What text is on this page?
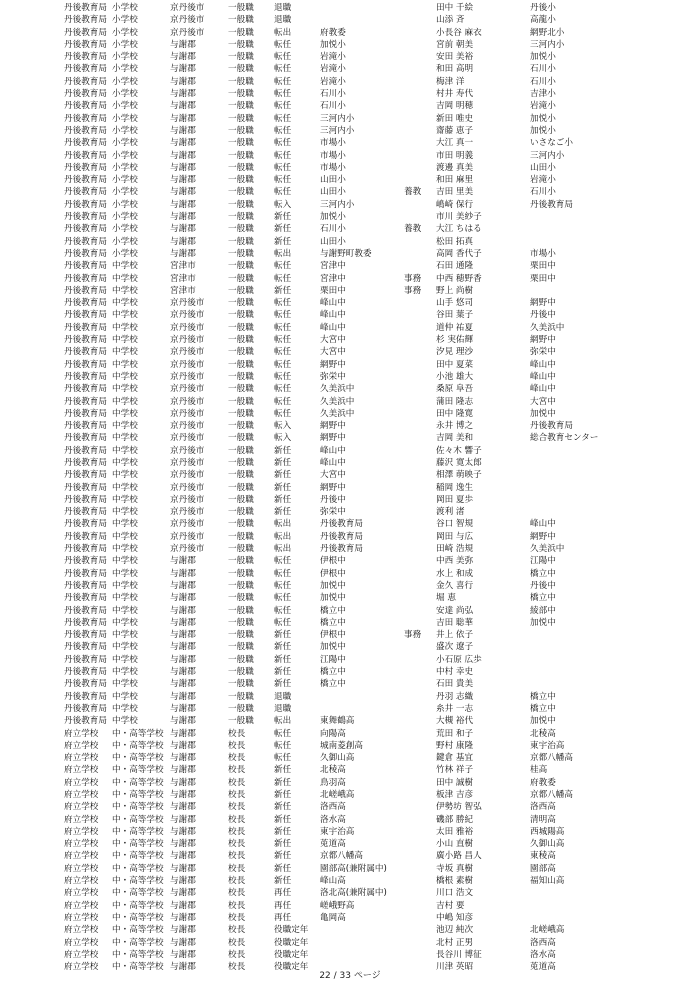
丹後教育局 小学校	京丹後市	一般職	退職	田中 千絵	丹後小
丹後教育局 小学校	京丹後市	一般職	退職	山添 斉	高龍小
丹後教育局 小学校	京丹後市	一般職	転出	府教委	小長谷 麻衣	網野北小
丹後教育局 小学校	与謝郡	一般職	転任	加悦小	宮前 朝美	三河内小
丹後教育局 小学校	与謝郡	一般職	転任	岩滝小	安田 美裕	加悦小
丹後教育局 小学校	与謝郡	一般職	転任	岩滝小	和田 高明	石川小
丹後教育局 小学校	与謝郡	一般職	転任	岩滝小	梅津 洋	石川小
丹後教育局 小学校	与謝郡	一般職	転任	石川小	村井 寿代	吉津小
丹後教育局 小学校	与謝郡	一般職	転任	石川小	吉岡 明穂	岩滝小
丹後教育局 小学校	与謝郡	一般職	転任	三河内小	新田 唯史	加悦小
丹後教育局 小学校	与謝郡	一般職	転任	三河内小	齋藤 恵子	加悦小
丹後教育局 小学校	与謝郡	一般職	転任	市場小	大江 真一	いさなご小
丹後教育局 小学校	与謝郡	一般職	転任	市場小	市田 明義	三河内小
丹後教育局 小学校	与謝郡	一般職	転任	市場小	渡邊 真美	山田小
丹後教育局 小学校	与謝郡	一般職	転任	山田小	和田 麻里	岩滝小
丹後教育局 小学校	与謝郡	一般職	転任	山田小	養教	吉田 里美	石川小
丹後教育局 小学校	与謝郡	一般職	転入	三河内小	嶋崎 保行	丹後教育局
丹後教育局 小学校	与謝郡	一般職	新任	加悦小	市川 美紗子
丹後教育局 小学校	与謝郡	一般職	新任	石川小	養教	大江 ちはる
丹後教育局 小学校	与謝郡	一般職	新任	山田小	松田 拓真
丹後教育局 小学校	与謝郡	一般職	転出	与謝野町教委	高岡 香代子	市場小
丹後教育局 中学校	宮津市	一般職	転任	宮津中	石田 通隆	栗田中
丹後教育局 中学校	宮津市	一般職	転任	宮津中	事務	中西 穂野香	栗田中
丹後教育局 中学校	宮津市	一般職	新任	栗田中	事務	野上 尚樹
丹後教育局 中学校	京丹後市	一般職	転任	峰山中	山手 悠司	網野中
丹後教育局 中学校	京丹後市	一般職	転任	峰山中	谷田 葉子	丹後中
丹後教育局 中学校	京丹後市	一般職	転任	峰山中	道仲 祐夏	久美浜中
丹後教育局 中学校	京丹後市	一般職	転任	大宮中	杉 実佑輝	網野中
丹後教育局 中学校	京丹後市	一般職	転任	大宮中	汐見 理沙	弥栄中
丹後教育局 中学校	京丹後市	一般職	転任	網野中	田中 夏菜	峰山中
丹後教育局 中学校	京丹後市	一般職	転任	弥栄中	小池 雄大	峰山中
丹後教育局 中学校	京丹後市	一般職	転任	久美浜中	桑原 阜吾	峰山中
丹後教育局 中学校	京丹後市	一般職	転任	久美浜中	蒲田 隆志	大宮中
丹後教育局 中学校	京丹後市	一般職	転任	久美浜中	田中 隆寛	加悦中
丹後教育局 中学校	京丹後市	一般職	転入	網野中	永井 博之	丹後教育局
丹後教育局 中学校	京丹後市	一般職	転入	網野中	吉岡 美和	総合教育センター
丹後教育局 中学校	京丹後市	一般職	新任	峰山中	佐々木 響子
丹後教育局 中学校	京丹後市	一般職	新任	峰山中	藤沢 寛太郎
丹後教育局 中学校	京丹後市	一般職	新任	大宮中	相澤 萌映子
丹後教育局 中学校	京丹後市	一般職	新任	網野中	稲岡 逸生
丹後教育局 中学校	京丹後市	一般職	新任	丹後中	岡田 夏歩
丹後教育局 中学校	京丹後市	一般職	新任	弥栄中	渡利 渚
丹後教育局 中学校	京丹後市	一般職	転出	丹後教育局	谷口 智規	峰山中
丹後教育局 中学校	京丹後市	一般職	転出	丹後教育局	岡田 与広	網野中
丹後教育局 中学校	京丹後市	一般職	転出	丹後教育局	田崎 浩規	久美浜中
丹後教育局 中学校	与謝郡	一般職	転任	伊根中	中西 美弥	江陽中
丹後教育局 中学校	与謝郡	一般職	転任	伊根中	水上 和成	橋立中
丹後教育局 中学校	与謝郡	一般職	転任	加悦中	金久 喜行	丹後中
丹後教育局 中学校	与謝郡	一般職	転任	加悦中	堀 恵	橋立中
丹後教育局 中学校	与謝郡	一般職	転任	橋立中	安達 尚弘	綾部中
丹後教育局 中学校	与謝郡	一般職	転任	橋立中	吉田 聡華	加悦中
丹後教育局 中学校	与謝郡	一般職	新任	伊根中	事務	井上 依子
丹後教育局 中学校	与謝郡	一般職	新任	加悦中	盛次 遼子
丹後教育局 中学校	与謝郡	一般職	新任	江陽中	小石原 広歩
丹後教育局 中学校	与謝郡	一般職	新任	橋立中	中村 幸史
丹後教育局 中学校	与謝郡	一般職	新任	橋立中	石田 貴美
丹後教育局 中学校	与謝郡	一般職	退職	丹羽 志織	橋立中
丹後教育局 中学校	与謝郡	一般職	退職	糸井 一志	橋立中
丹後教育局 中学校	与謝郡	一般職	転出	東舞鶴高	大槻 裕代	加悦中
府立学校	中・高等学校 与謝郡	校長	転任	向陽高	荒田 和子	北稜高
府立学校	中・高等学校 与謝郡	校長	転任	城南菱創高	野村 康隆	東宇治高
府立学校	中・高等学校 与謝郡	校長	転任	久御山高	鍵倉 基宜	京都八幡高
府立学校	中・高等学校 与謝郡	校長	新任	北稜高	竹林 祥子	桂高
府立学校	中・高等学校 与謝郡	校長	新任	鳥羽高	田中 誠樹	府教委
府立学校	中・高等学校 与謝郡	校長	新任	北嵯峨高	板津 吉彦	京都八幡高
府立学校	中・高等学校 与謝郡	校長	新任	洛西高	伊勢坊 智弘	洛西高
府立学校	中・高等学校 与謝郡	校長	新任	洛水高	磯部 勝紀	清明高
府立学校	中・高等学校 与謝郡	校長	新任	東宇治高	太田 雅裕	西城陽高
府立学校	中・高等学校 与謝郡	校長	新任	莵道高	小山 直樹	久御山高
府立学校	中・高等学校 与謝郡	校長	新任	京都八幡高	廣小路 昌人	東稜高
府立学校	中・高等学校 与謝郡	校長	新任	園部高(兼附属中)	寺坂 真樹	園部高
府立学校	中・高等学校 与謝郡	校長	新任	峰山高	橋根 素樹	福知山高
府立学校	中・高等学校 与謝郡	校長	再任	洛北高(兼附属中)	川口 浩文
府立学校	中・高等学校 与謝郡	校長	再任	嵯峨野高	吉村 要
府立学校	中・高等学校 与謝郡	校長	再任	亀岡高	中嶋 知彦
府立学校	中・高等学校 与謝郡	校長	役職定年	池辺 純次	北嵯峨高
府立学校	中・高等学校 与謝郡	校長	役職定年	北村 正男	洛西高
府立学校	中・高等学校 与謝郡	校長	役職定年	長谷川 博征	洛水高
府立学校	中・高等学校 与謝郡	校長	役職定年	川津 英昭	莵道高
22 / 33 ページ
